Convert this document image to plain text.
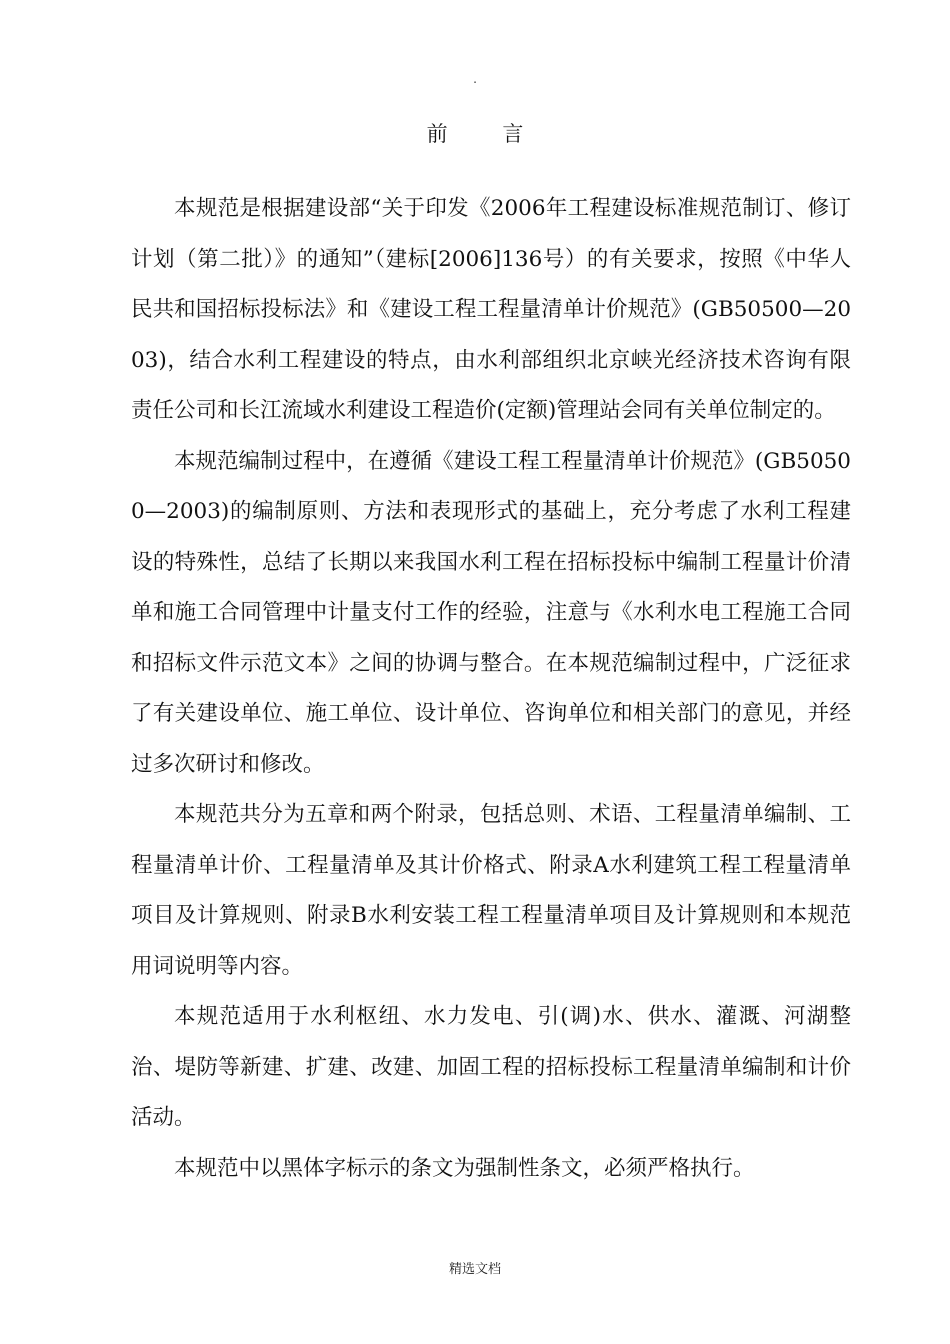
.
前 言

本规范是根据建设部“关于印发《2006年工程建设标准规范制订、修订计划（第二批）》的通知”（建标[2006]136号）的有关要求，按照《中华人民共和国招标投标法》和《建设工程工程量清单计价规范》(GB50500—2003)，结合水利工程建设的特点，由水利部组织北京峡光经济技术咨询有限责任公司和长江流域水利建设工程造价(定额)管理站会同有关单位制定的。

本规范编制过程中，在遵循《建设工程工程量清单计价规范》(GB50500—2003)的编制原则、方法和表现形式的基础上，充分考虑了水利工程建设的特殊性，总结了长期以来我国水利工程在招标投标中编制工程量计价清单和施工合同管理中计量支付工作的经验，注意与《水利水电工程施工合同和招标文件示范文本》之间的协调与整合。在本规范编制过程中，广泛征求了有关建设单位、施工单位、设计单位、咨询单位和相关部门的意见，并经过多次研讨和修改。

本规范共分为五章和两个附录，包括总则、术语、工程量清单编制、工程量清单计价、工程量清单及其计价格式、附录A水利建筑工程工程量清单项目及计算规则、附录B水利安装工程工程量清单项目及计算规则和本规范用词说明等内容。

本规范适用于水利枢纽、水力发电、引(调)水、供水、灌溉、河湖整治、堤防等新建、扩建、改建、加固工程的招标投标工程量清单编制和计价活动。

本规范中以黑体字标示的条文为强制性条文，必须严格执行。

精选文档
